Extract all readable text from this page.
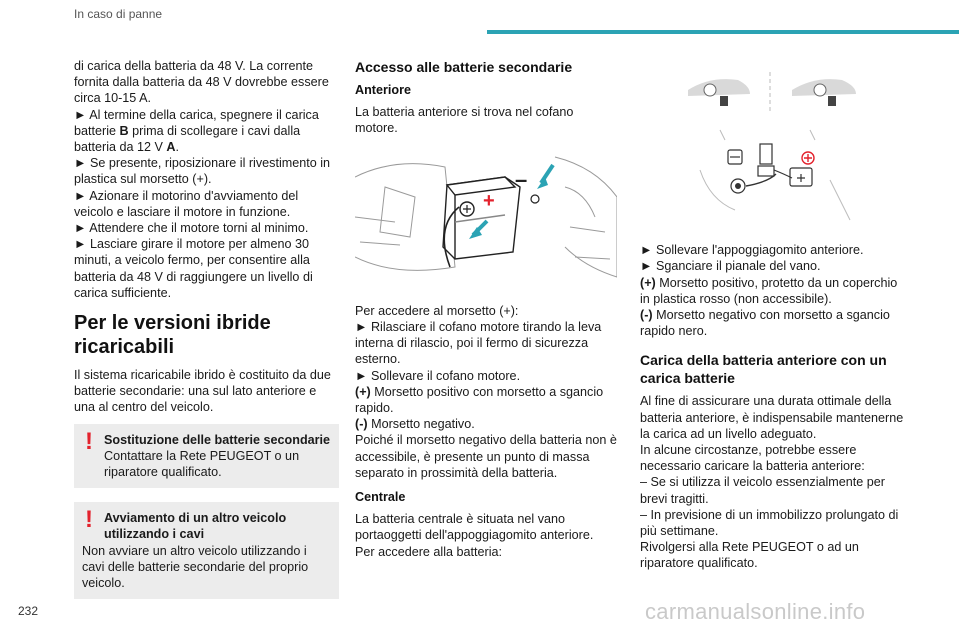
In caso di panne

di carica della batteria da 48 V. La corrente fornita dalla batteria da 48 V dovrebbe essere circa 10-15 A.

► Al termine della carica, spegnere il carica batterie B prima di scollegare i cavi dalla batteria da 12 V A.

► Se presente, riposizionare il rivestimento in plastica sul morsetto (+).

► Azionare il motorino d'avviamento del veicolo e lasciare il motore in funzione.

► Attendere che il motore torni al minimo.

► Lasciare girare il motore per almeno 30 minuti, a veicolo fermo, per consentire alla batteria da 48 V di raggiungere un livello di carica sufficiente.

Per le versioni ibride ricaricabili

Il sistema ricaricabile ibrido è costituito da due batterie secondarie: una sul lato anteriore e una al centro del veicolo.

! Sostituzione delle batterie secondarie
Contattare la Rete PEUGEOT o un riparatore qualificato.
! Avviamento di un altro veicolo utilizzando i cavi
Non avviare un altro veicolo utilizzando i cavi delle batterie secondarie del proprio veicolo.
Accesso alle batterie secondarie
Anteriore

La batteria anteriore si trova nel cofano motore.

+
–

Per accedere al morsetto (+):

► Rilasciare il cofano motore tirando la leva interna di rilascio, poi il fermo di sicurezza esterno.

► Sollevare il cofano motore.

(+) Morsetto positivo con morsetto a sgancio rapido.

(-) Morsetto negativo.

Poiché il morsetto negativo della batteria non è accessibile, è presente un punto di massa separato in prossimità della batteria.

Centrale

La batteria centrale è situata nel vano portaoggetti dell'appoggiagomito anteriore.

Per accedere alla batteria:

► Sollevare l'appoggiagomito anteriore.

► Sganciare il pianale del vano.

(+) Morsetto positivo, protetto da un coperchio in plastica rosso (non accessibile).

(-) Morsetto negativo con morsetto a sgancio rapido nero.

Carica della batteria anteriore con un carica batterie

Al fine di assicurare una durata ottimale della batteria anteriore, è indispensabile mantenerne la carica ad un livello adeguato.

In alcune circostanze, potrebbe essere necessario caricare la batteria anteriore:

– Se si utilizza il veicolo essenzialmente per brevi tragitti.

– In previsione di un immobilizzo prolungato di più settimane.

Rivolgersi alla Rete PEUGEOT o ad un riparatore qualificato.

232	carmanualsonline.info
